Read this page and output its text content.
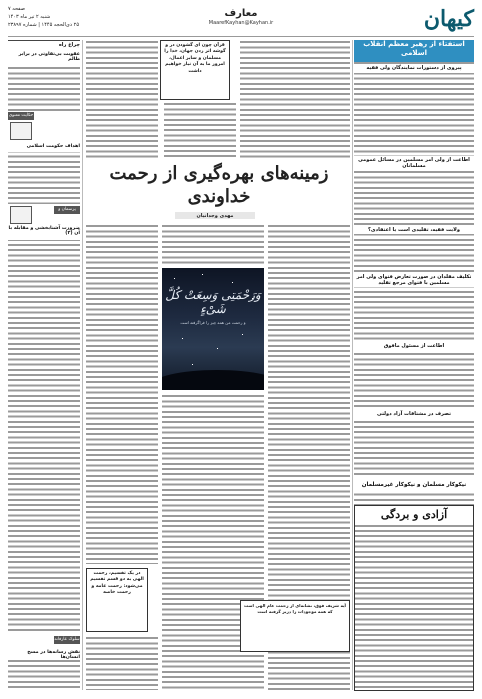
کیهان
معارف
MaarefKayhan@Kayhan.ir
صفحه ۷
شنبه ۲ تیر ماه ۱۴۰۳
۲۵ ذی‌الحجه ۱۴۴۵ | شماره ۲۳۸۹۷
استفتاء از رهبر معظم انقلاب اسلامی
پیروی از دستورات نمایندگان ولی فقیه
اطاعت از ولی امر مسلمین در مسائل عمومی مسلمانان
ولایت فقیه، تقلیدی است یا اعتقادی؟
تکلیف مقلدان در صورت تعارض فتوای ولی امر مسلمین با فتوای مرجع تقلید
اطاعت از مسئول مافوق
تصرف در مشتاقات آزاد دولتی
نیکوکار مسلمان و نیکوکار غیرمسلمان
آزادی و بردگی
قرآن چون ای گشودن در و گوشه اثر زدن جهان، خدا را مسلمان و سایر اعمال، امروز ما به آن نیاز خواهیم داشت
زمینه‌های بهره‌گیری از رحمت خداوندی
مهدی وجدانیان
وَرَحْمَتِی وَسِعَتْ کُلَّ شَیْءٍ
و رحمت من همه چیز را فراگرفته است
در یک تقسیم، رحمت الهی به دو قسم تقسیم می‌شود: رحمت عامه و رحمت خاصه
آیه شریف فوق، نشانه‌ای از رحمت عام الهی است که همه موجودات را دربر گرفته است
چراغ راه
عقوبت بی‌تفاوتی در برابر ظالم
حکایت معنوی
اهداف حکومت اسلامی
پرسمان و پاسخ
ضرورت آشنابخشی و مقابله با آن (۲)
سلوک عارفانه
نقش رسانه‌ها در مسخ انسان‌ها
